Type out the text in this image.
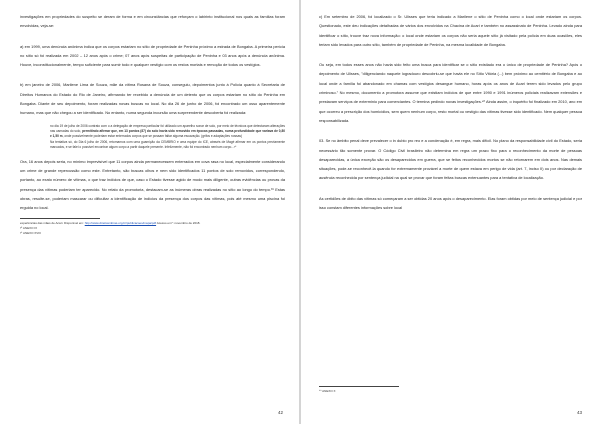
investigações em propriedades do suspeito se deram de forma e em circunstâncias que reforçam o labirinto institucional nos quais as famílias foram envolvidas, veja-se:

a) em 1999, uma denúncia anônima indica que os corpos estariam no sítio de propriedade de Peninha próximo a estrada de Bongaba. A primeira perícia no sítio só foi realizada em 2002 – 12 anos após o crime; 07 anos após suspeitas de participação de Peninha e 03 anos após a denúncia anônima. Houve, inconstitucionalmente, tempo suficiente para sumir todo e qualquer vestígio com os restos mortais e remoção de todos os vestígios.

b) em janeiro de 2006, Marilene Lima de Souza, mãe da vítima Rosana de Souza, conseguiu, depoimentos junto à Polícia quanto à Secretaria de Direitos Humanos do Estado do Rio de Janeiro, afirmando ter recebido a denúncia de um detento que os corpos estariam no sítio do Peninha em Bongaba. Diante de seu depoimento, foram realizadas novas buscas no local. No dia 26 de junho de 2006, foi encontrado um osso aparentemente humano, mas que não chegou a ser identificado. No entanto, numa segunda incursão uma surpreendente descoberta foi realizada:

no dia 19 de julho de 2006 contrato com o a delegação de empresa particular foi utilizado um aparelho sonar de solo, por meio de técnicos que detectaram alterações nas camadas do solo, permitindo afirmar que, em 13 pontos (87) do solo havia sido removido em épocas passadas, numa profundidade que variava de 0,80 e 1,50 m, onde possivelmente poderiam estar enterrados corpos que se possam faltar alguma escavação. (grifos e adaptações nossas)
Na tentativa só, do Dia 6 julho de 2006, retornamos com uma guarnição da CEMBRIO e uma equipe do ICE, através de Magé afirmar em os pontos previamente marcados, e se falei o possível encontrar algum corpo a partir daquele presente. Infelizmente, não foi encontrado nenhum corpo...³⁸

Ora, 16 anos depois seria, no mínimo imprevisível que 11 corpos ainda permanecessem enterrados em cova rasa no local, especialmente considerando um crime de grande repercussão como este. Entretanto, são buscas olhos e nem sido identificados 11 pontos de solo removidos, correspondendo, portanto, ao exato número de vítimas, o que traz indícios de que, caso o Estado tivesse agido de modo mais diligente, outras evidências ou provas da presença das vítimas poderiam ter aparecido. No relato da promotoria, destacam-se as inúmeras obras realizadas no sítio ao longo do tempo.³⁹ Estas obras, resulte-se, poderiam mascarar ou dificultar a identificação de indícios da presença dos corpos das vítimas, pois até mesmo uma piscina foi erguida no local.

experiências das mães de Acari. Disponível em: http://www.direitosmbras.org.br/publicacoes/mapa/pdf Acesso em°: novembro de 2018.

³⁸ ANEXO IX

³⁹ ANEXO XVIII

42

c) Em setembro de 2006, foi localizado o Sr. Ulisses que teria indicado a Marilene o sítio de Peninha como o local onde estariam os corpos. Questionado, este deu indicações detalhadas de vários dos envolvidos na Chacina de Acari e também no assassinato de Peninha. Levado ainda para identificar o sítio, trouxe traz nova informação: o local onde estariam os corpos não seria aquele sítio já visitado pela polícia em duas ocasiões, eles teriam sido levados para outro sítio, também de propriedade de Peninha, na mesma localidade de Bongaba.

Ou seja, em todos esses anos não havia sido feito uma busca para identificar se o sítio existiado era o único de propriedade de Peninha? Após o depoimento de Ulisses, "diligenciando naquele logradouro descobriu-se que havia ele no Sítio Vitória (...) bem próximo ao cemitério de Bongaba e ao local onde a família foi abandonado em chamas com vestígios desangue humano, horas após os anos de Acari terem sido levados pelo grupo criminoso." No mesmo, documento a promotora assume que existiam indícios de que entre 1990 e 1991 inúmeros policiais realizavam extensões e prestavam serviços de exterminio para comerciantes. O termina pedindo novas investigações.⁴⁰ Ainda assim, o inquérito foi finalizado em 2010, ano em que ocorreu a prescrição dos homicídios, sem quem nenhum corpo, resto mortal ou vestígio das vítimas tivesse sido identificado. Nem qualquer pessoa responsabilizada.

03. Se no âmbito penal deve prevalecer o in dubio pro reo e a condenação é, em regra, mais difícil. No plano da responsabilidade civil do Estado, seria necessário tão somente provar. O Código Civil brasileiro não determina em regra um prazo fixo para o reconhecimento da morte de pessoas desaparecidas, a única exceção são os desaparecidos em guerra, que se feitos reconhecidos mortos se não retornarem em dois anos. Nas demais situações, pode-se reconhecê-la quando for extremamente provável a morte de quem estava em perigo de vida (art. 7, inciso II) ou por declaração de ausência reconhecida por sentença judicial na qual se provar que foram feitas buscas extenuantes para a tentativa de localização.

As certidões de óbito das vítimas só começaram a ser obtidas 20 anos após o desaparecimento. Elas foram obtidas por meio de sentença judicial e por isso constam diferentes informações sobre local

⁴⁰ ANEXO X

43
